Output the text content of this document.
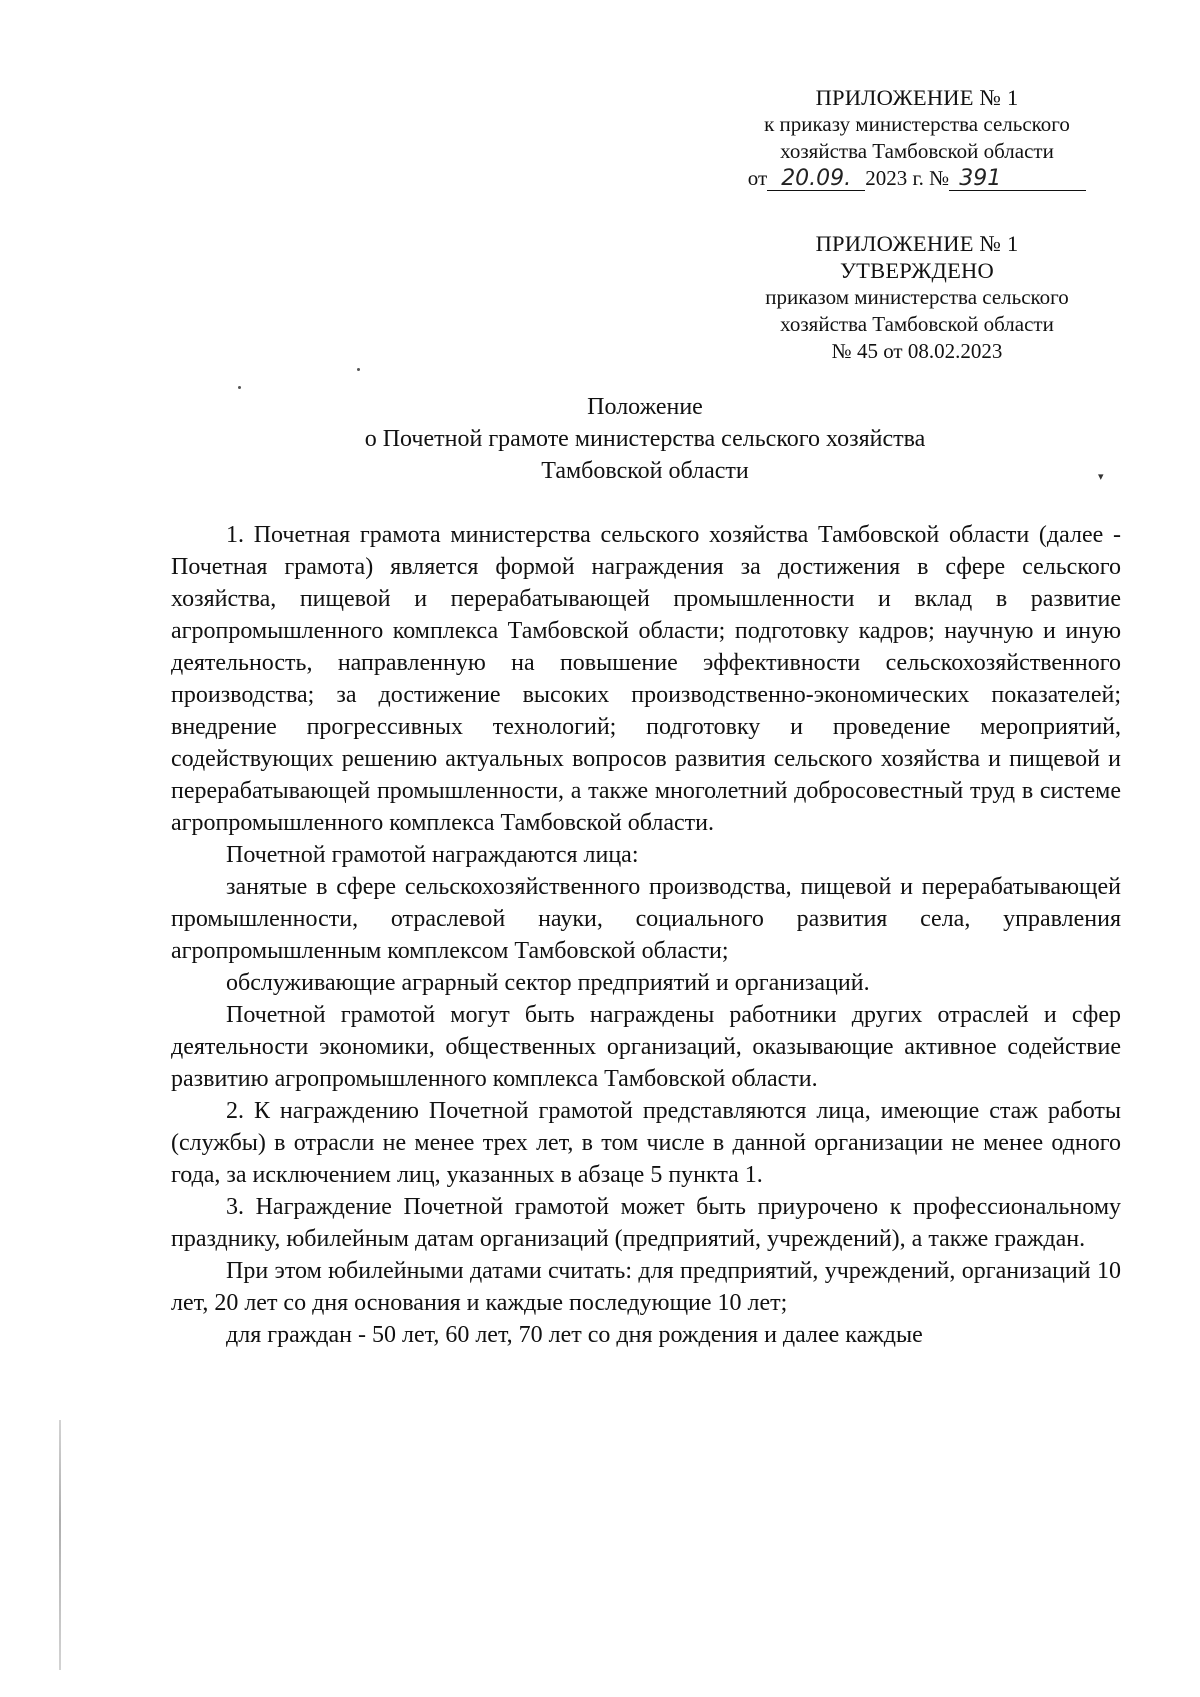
ПРИЛОЖЕНИЕ № 1
к приказу министерства сельского
хозяйства Тамбовской области
от 20.09. 2023 г. № 391
ПРИЛОЖЕНИЕ № 1
УТВЕРЖДЕНО
приказом министерства сельского
хозяйства Тамбовской области
№ 45 от 08.02.2023
Положение
о Почетной грамоте министерства сельского хозяйства
Тамбовской области

1. Почетная грамота министерства сельского хозяйства Тамбовской области (далее - Почетная грамота) является формой награждения за достижения в сфере сельского хозяйства, пищевой и перерабатывающей промышленности и вклад в развитие агропромышленного комплекса Тамбовской области; подготовку кадров; научную и иную деятельность, направленную на повышение эффективности сельскохозяйственного производства; за достижение высоких производственно-экономических показателей; внедрение прогрессивных технологий; подготовку и проведение мероприятий, содействующих решению актуальных вопросов развития сельского хозяйства и пищевой и перерабатывающей промышленности, а также многолетний добросовестный труд в системе агропромышленного комплекса Тамбовской области.

Почетной грамотой награждаются лица:

занятые в сфере сельскохозяйственного производства, пищевой и перерабатывающей промышленности, отраслевой науки, социального развития села, управления агропромышленным комплексом Тамбовской области;

обслуживающие аграрный сектор предприятий и организаций.

Почетной грамотой могут быть награждены работники других отраслей и сфер деятельности экономики, общественных организаций, оказывающие активное содействие развитию агропромышленного комплекса Тамбовской области.

2. К награждению Почетной грамотой представляются лица, имеющие стаж работы (службы) в отрасли не менее трех лет, в том числе в данной организации не менее одного года, за исключением лиц, указанных в абзаце 5 пункта 1.

3. Награждение Почетной грамотой может быть приурочено к профессиональному празднику, юбилейным датам организаций (предприятий, учреждений), а также граждан.

При этом юбилейными датами считать: для предприятий, учреждений, организаций 10 лет, 20 лет со дня основания и каждые последующие 10 лет;

для граждан - 50 лет, 60 лет, 70 лет со дня рождения и далее каждые

▾
